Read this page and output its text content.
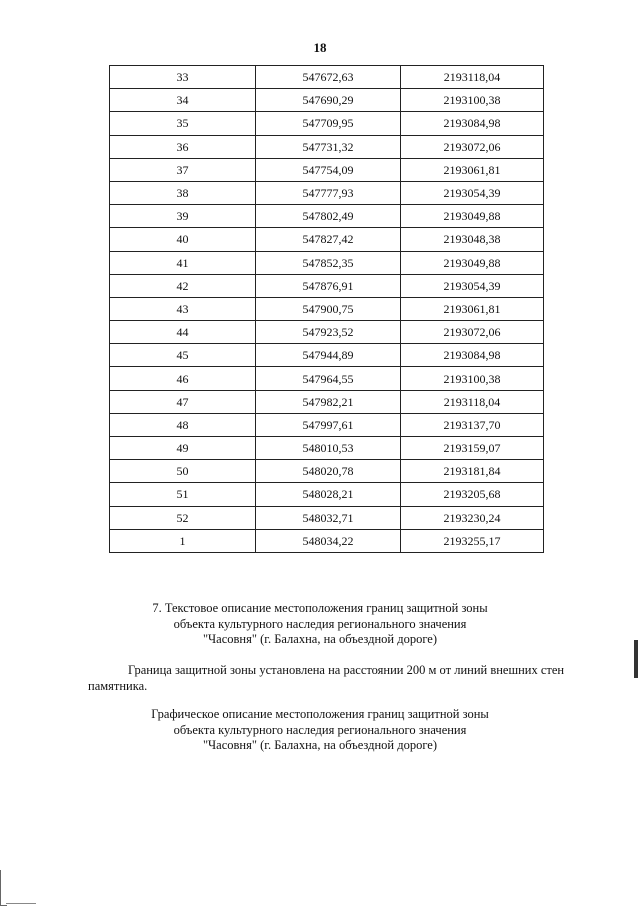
18
33	547672,63	2193118,04
34	547690,29	2193100,38
35	547709,95	2193084,98
36	547731,32	2193072,06
37	547754,09	2193061,81
38	547777,93	2193054,39
39	547802,49	2193049,88
40	547827,42	2193048,38
41	547852,35	2193049,88
42	547876,91	2193054,39
43	547900,75	2193061,81
44	547923,52	2193072,06
45	547944,89	2193084,98
46	547964,55	2193100,38
47	547982,21	2193118,04
48	547997,61	2193137,70
49	548010,53	2193159,07
50	548020,78	2193181,84
51	548028,21	2193205,68
52	548032,71	2193230,24
1	548034,22	2193255,17
7. Текстовое описание местоположения границ защитной зоны
объекта культурного наследия регионального значения
"Часовня" (г. Балахна, на объездной дороге)
Граница защитной зоны установлена на расстоянии 200 м от линий внешних стен
памятника.
Графическое описание местоположения границ защитной зоны
объекта культурного наследия регионального значения
"Часовня" (г. Балахна, на объездной дороге)
